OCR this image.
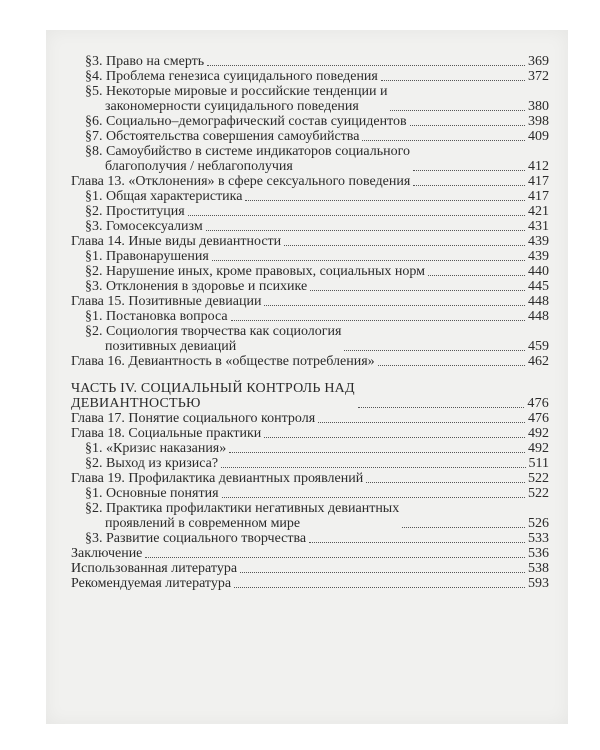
§3. Право на смерть	369
§4. Проблема генезиса суицидального поведения	372
§5. Некоторые мировые и российские тенденции и
закономерности суицидального поведения	380
§6. Социально–демографический состав суицидентов	398
§7. Обстоятельства совершения самоубийства	409
§8. Самоубийство в системе индикаторов социального
благополучия / неблагополучия	412
Глава 13. «Отклонения» в сфере сексуального поведения	417
§1. Общая характеристика	417
§2. Проституция	421
§3. Гомосексуализм	431
Глава 14. Иные виды девиантности	439
§1. Правонарушения	439
§2. Нарушение иных, кроме правовых, социальных норм	440
§3. Отклонения в здоровье и психике	445
Глава 15. Позитивные девиации	448
§1. Постановка вопроса	448
§2. Социология творчества как социология
позитивных девиаций	459
Глава 16. Девиантность в «обществе потребления»	462
ЧАСТЬ IV. СОЦИАЛЬНЫЙ КОНТРОЛЬ НАД
ДЕВИАНТНОСТЬЮ	476
Глава 17. Понятие социального контроля	476
Глава 18. Социальные практики	492
§1. «Кризис наказания»	492
§2. Выход из кризиса?	511
Глава 19. Профилактика девиантных проявлений	522
§1. Основные понятия	522
§2. Практика профилактики негативных девиантных
проявлений в современном мире	526
§3. Развитие социального творчества	533
Заключение	536
Использованная литература	538
Рекомендуемая литература	593
